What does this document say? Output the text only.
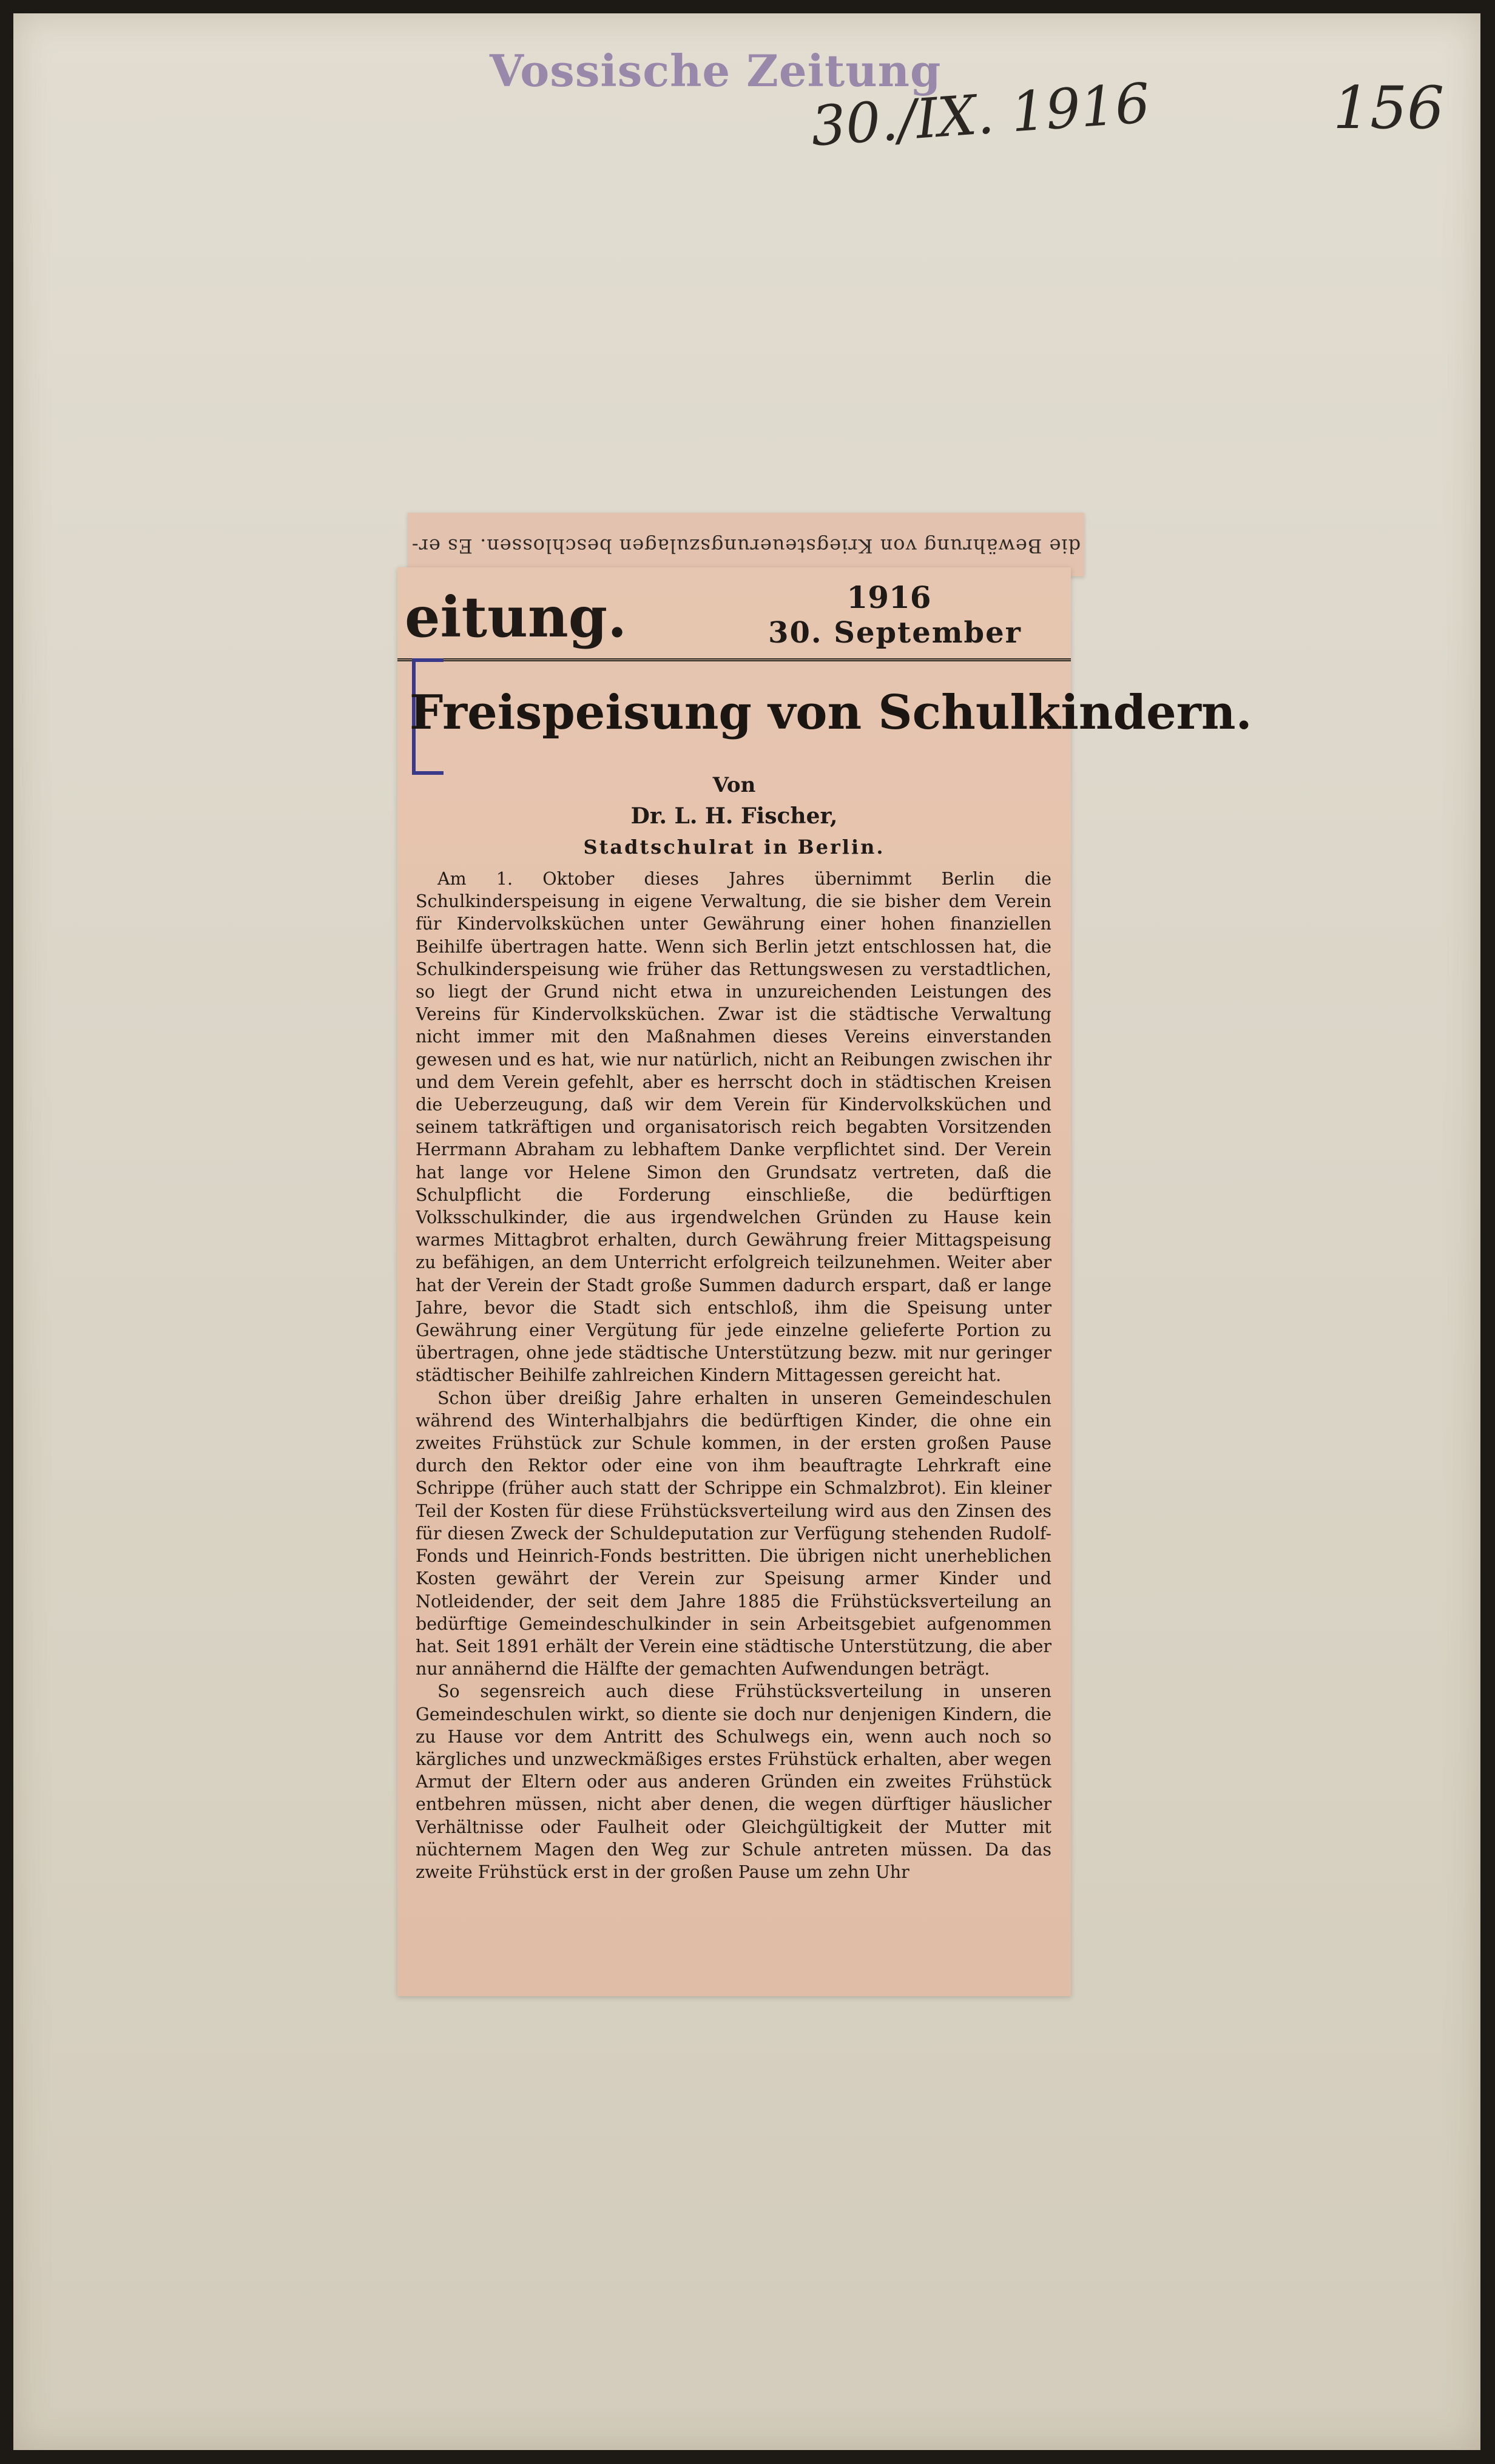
Vossische Zeitung
30./IX. 1916	156
die Bewährung von Kriegsteuerungszulagen beschlossen. Es er-
eitung.	1916
30. September
Freispeisung von Schulkindern.
Von
Dr. L. H. Fischer,
Stadtschulrat in Berlin.

Am 1. Oktober dieses Jahres übernimmt Berlin die Schulkinderspeisung in eigene Verwaltung, die sie bisher dem Verein für Kindervolksküchen unter Gewährung einer hohen finanziellen Beihilfe übertragen hatte. Wenn sich Berlin jetzt entschlossen hat, die Schulkinderspeisung wie früher das Rettungswesen zu verstadtlichen, so liegt der Grund nicht etwa in unzureichenden Leistungen des Vereins für Kindervolksküchen. Zwar ist die städtische Verwaltung nicht immer mit den Maßnahmen dieses Vereins einverstanden gewesen und es hat, wie nur natürlich, nicht an Reibungen zwischen ihr und dem Verein gefehlt, aber es herrscht doch in städtischen Kreisen die Ueberzeugung, daß wir dem Verein für Kindervolksküchen und seinem tatkräftigen und organisatorisch reich begabten Vorsitzenden Herrmann Abraham zu lebhaftem Danke verpflichtet sind. Der Verein hat lange vor Helene Simon den Grundsatz vertreten, daß die Schulpflicht die Forderung einschließe, die bedürftigen Volksschulkinder, die aus irgendwelchen Gründen zu Hause kein warmes Mittagbrot erhalten, durch Gewährung freier Mittagspeisung zu befähigen, an dem Unterricht erfolgreich teilzunehmen. Weiter aber hat der Verein der Stadt große Summen dadurch erspart, daß er lange Jahre, bevor die Stadt sich entschloß, ihm die Speisung unter Gewährung einer Vergütung für jede einzelne gelieferte Portion zu übertragen, ohne jede städtische Unterstützung bezw. mit nur geringer städtischer Beihilfe zahlreichen Kindern Mittagessen gereicht hat.

Schon über dreißig Jahre erhalten in unseren Gemeindeschulen während des Winterhalbjahrs die bedürftigen Kinder, die ohne ein zweites Frühstück zur Schule kommen, in der ersten großen Pause durch den Rektor oder eine von ihm beauftragte Lehrkraft eine Schrippe (früher auch statt der Schrippe ein Schmalzbrot). Ein kleiner Teil der Kosten für diese Frühstücksverteilung wird aus den Zinsen des für diesen Zweck der Schuldeputation zur Verfügung stehenden Rudolf-Fonds und Heinrich-Fonds bestritten. Die übrigen nicht unerheblichen Kosten gewährt der Verein zur Speisung armer Kinder und Notleidender, der seit dem Jahre 1885 die Frühstücksverteilung an bedürftige Gemeindeschulkinder in sein Arbeitsgebiet aufgenommen hat. Seit 1891 erhält der Verein eine städtische Unterstützung, die aber nur annähernd die Hälfte der gemachten Aufwendungen beträgt.

So segensreich auch diese Frühstücksverteilung in unseren Gemeindeschulen wirkt, so diente sie doch nur denjenigen Kindern, die zu Hause vor dem Antritt des Schulwegs ein, wenn auch noch so kärgliches und unzweckmäßiges erstes Frühstück erhalten, aber wegen Armut der Eltern oder aus anderen Gründen ein zweites Frühstück entbehren müssen, nicht aber denen, die wegen dürftiger häuslicher Verhältnisse oder Faulheit oder Gleichgültigkeit der Mutter mit nüchternem Magen den Weg zur Schule antreten müssen. Da das zweite Frühstück erst in der großen Pause um zehn Uhr
